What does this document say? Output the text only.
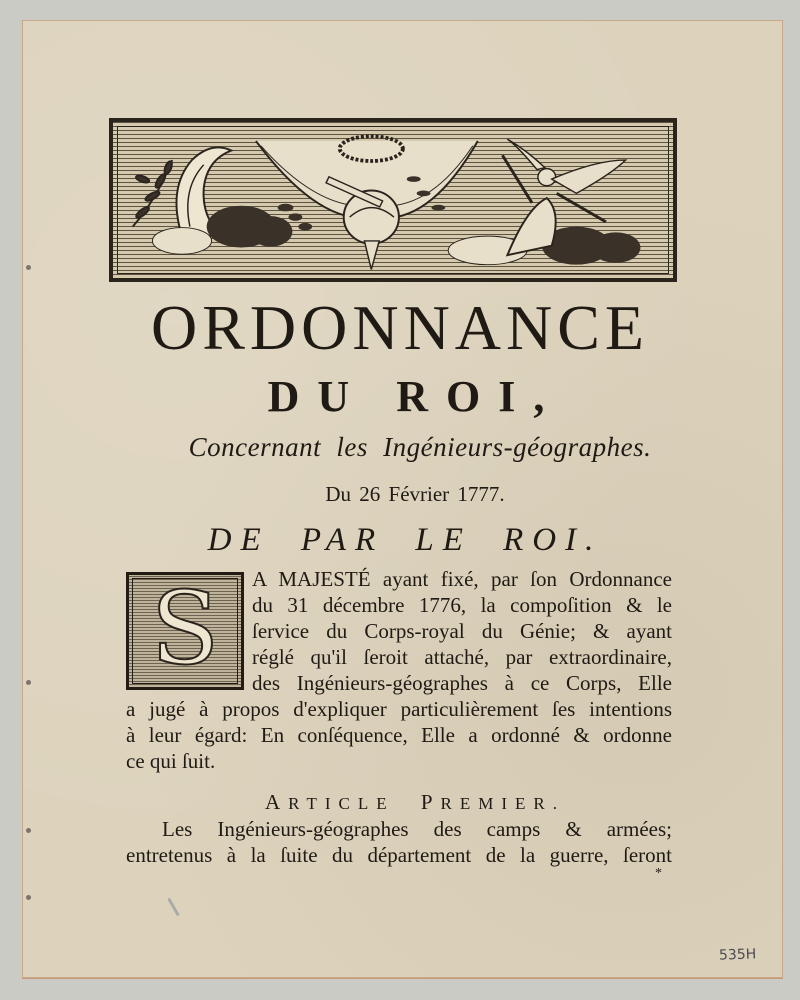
ORDONNANCE
DU ROI,
Concernant les Ingénieurs-géographes.
Du 26 Février 1777.
DE PAR LE ROI.
S A MAJESTÉ ayant fixé, par ſon Ordonnance
du 31 décembre 1776, la compoſition & le
ſervice du Corps-royal du Génie; & ayant
réglé qu'il ſeroit attaché, par extraordinaire,
des Ingénieurs-géographes à ce Corps, Elle
a jugé à propos d'expliquer particulièrement ſes intentions
à leur égard: En conſéquence, Elle a ordonné & ordonne
ce qui ſuit.
ARTICLE PREMIER.
Les Ingénieurs-géographes des camps & armées;
entretenus à la ſuite du département de la guerre, ſeront
*
535H
